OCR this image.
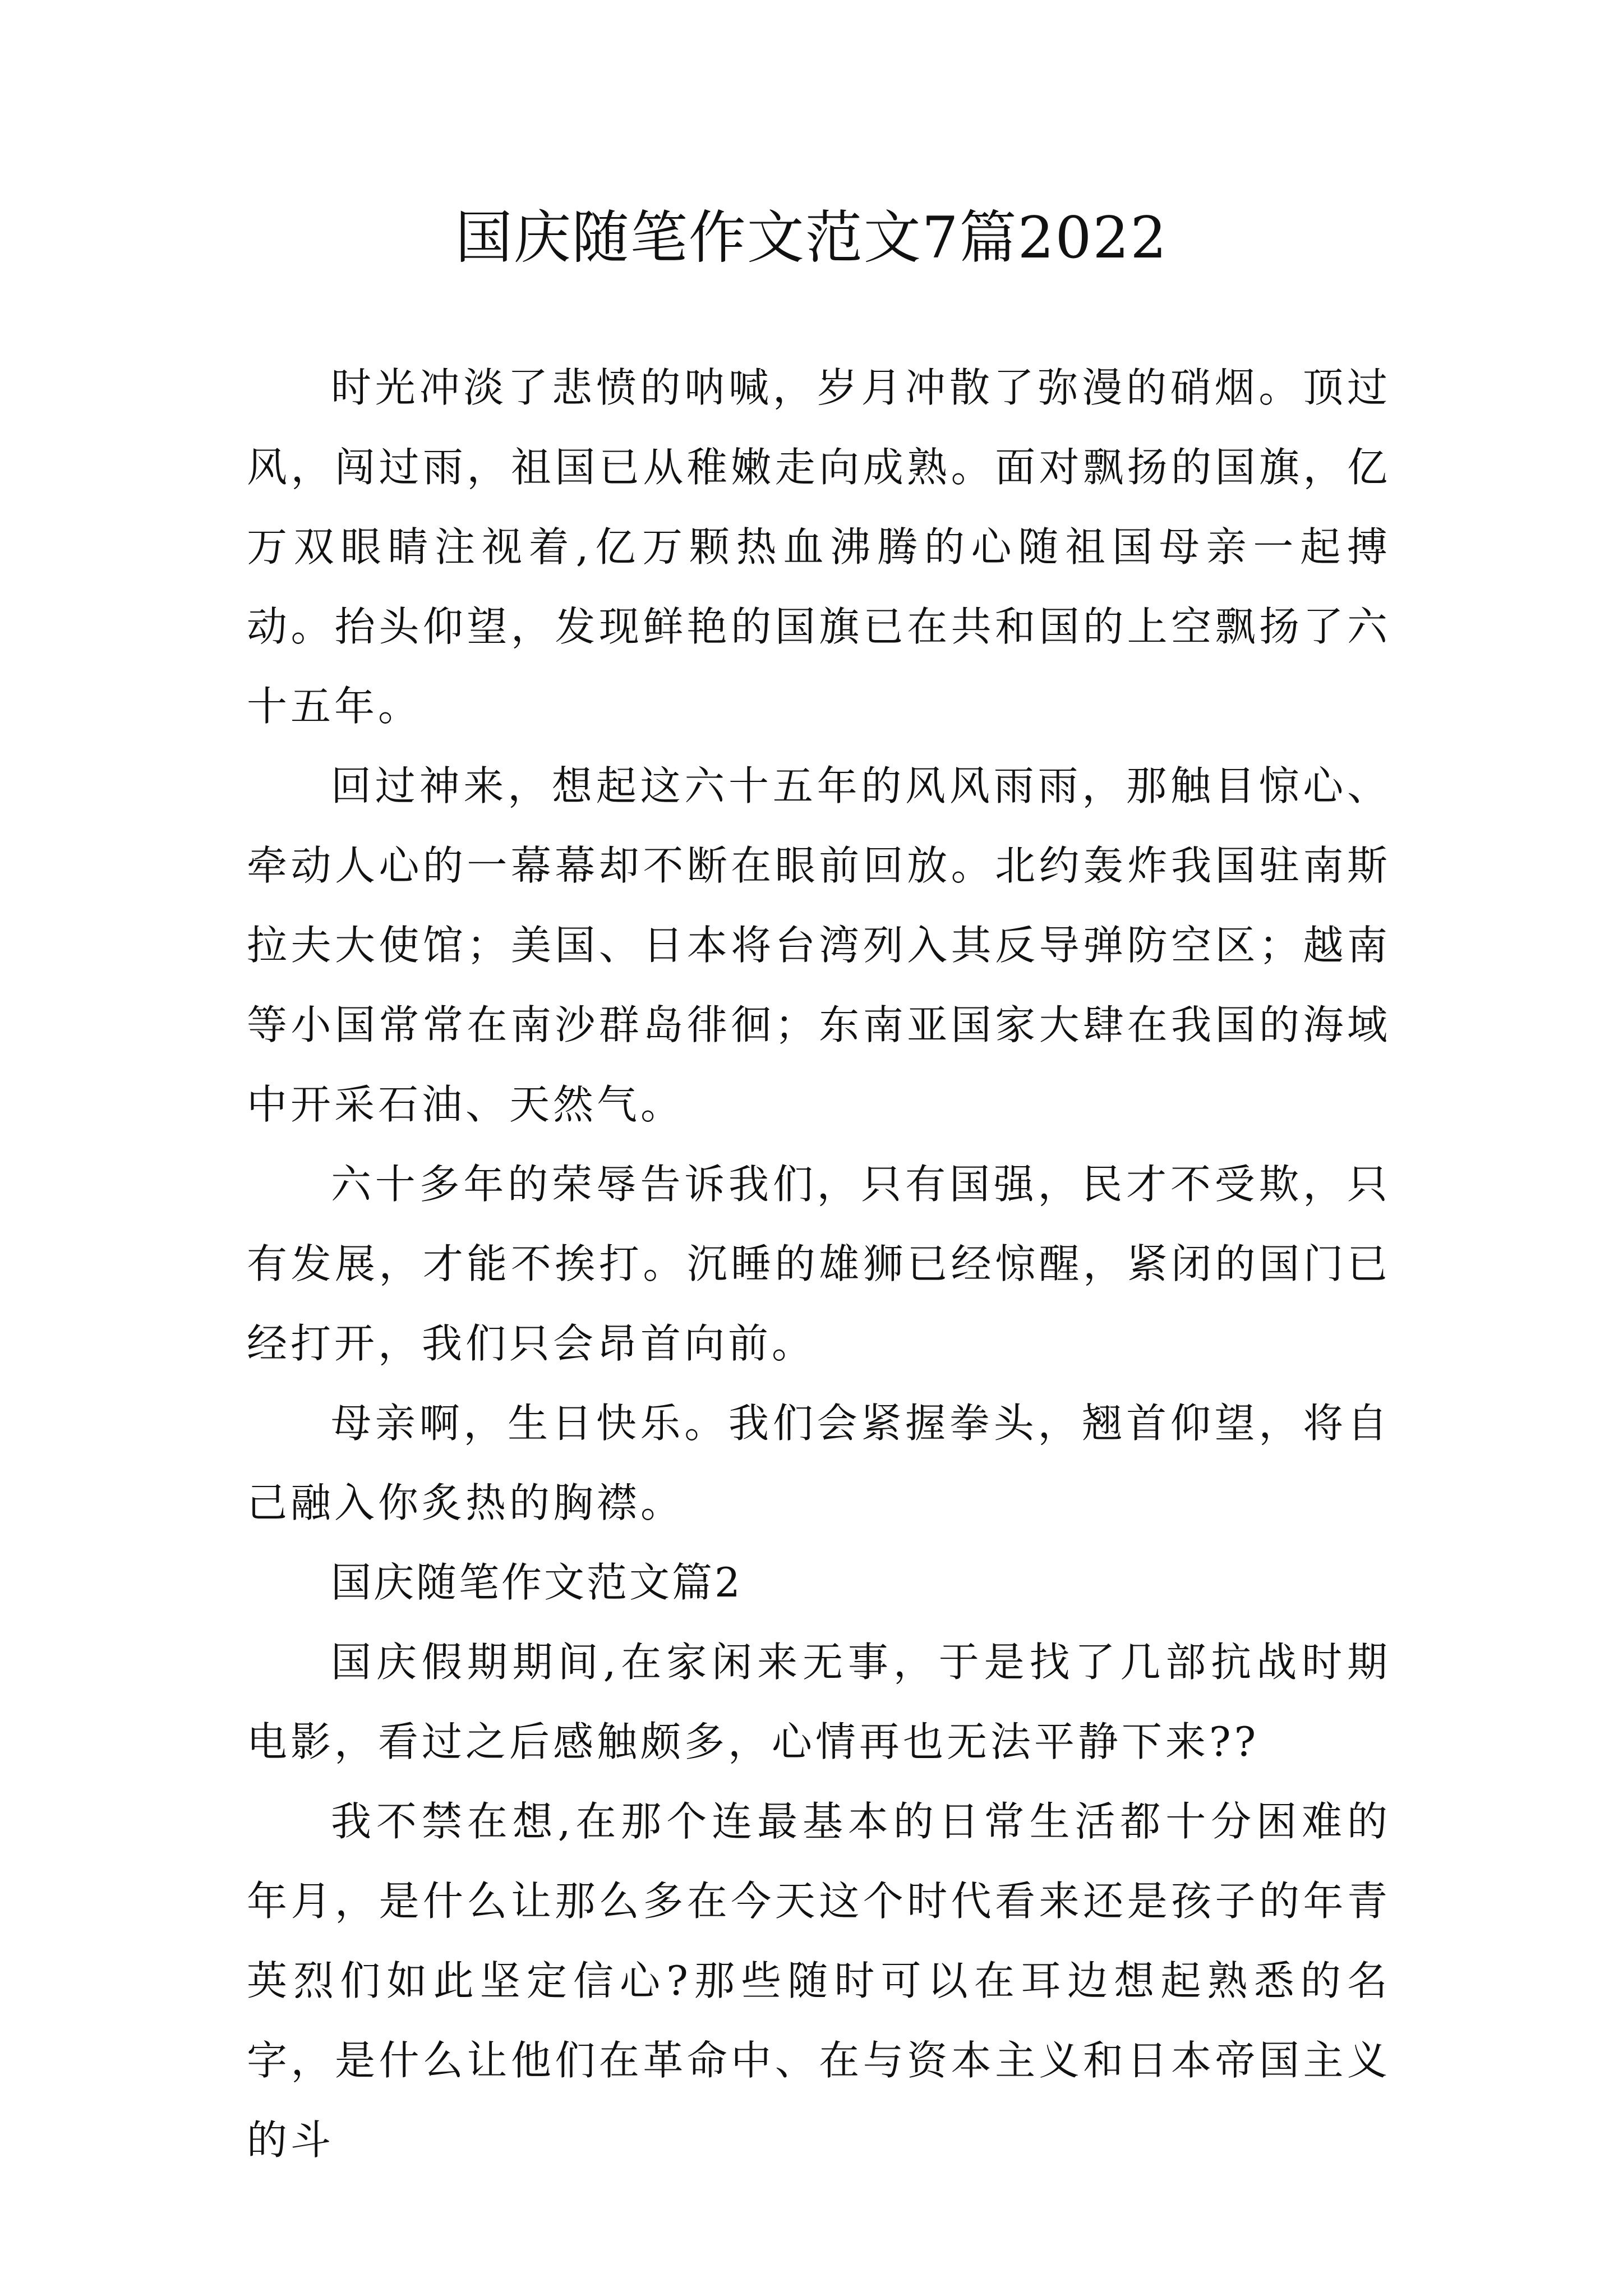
国庆随笔作文范文7篇2022

时光冲淡了悲愤的呐喊，岁月冲散了弥漫的硝烟。顶过风，闯过雨，祖国已从稚嫩走向成熟。面对飘扬的国旗，亿万双眼睛注视着,亿万颗热血沸腾的心随祖国母亲一起搏动。抬头仰望，发现鲜艳的国旗已在共和国的上空飘扬了六十五年。

回过神来，想起这六十五年的风风雨雨，那触目惊心、牵动人心的一幕幕却不断在眼前回放。北约轰炸我国驻南斯拉夫大使馆；美国、日本将台湾列入其反导弹防空区；越南等小国常常在南沙群岛徘徊；东南亚国家大肆在我国的海域中开采石油、天然气。

六十多年的荣辱告诉我们，只有国强，民才不受欺，只有发展，才能不挨打。沉睡的雄狮已经惊醒，紧闭的国门已经打开，我们只会昂首向前。

母亲啊，生日快乐。我们会紧握拳头，翘首仰望，将自己融入你炙热的胸襟。

国庆随笔作文范文篇2

国庆假期期间,在家闲来无事，于是找了几部抗战时期电影，看过之后感触颇多，心情再也无法平静下来??

我不禁在想,在那个连最基本的日常生活都十分困难的年月，是什么让那么多在今天这个时代看来还是孩子的年青英烈们如此坚定信心?那些随时可以在耳边想起熟悉的名字，是什么让他们在革命中、在与资本主义和日本帝国主义的斗
